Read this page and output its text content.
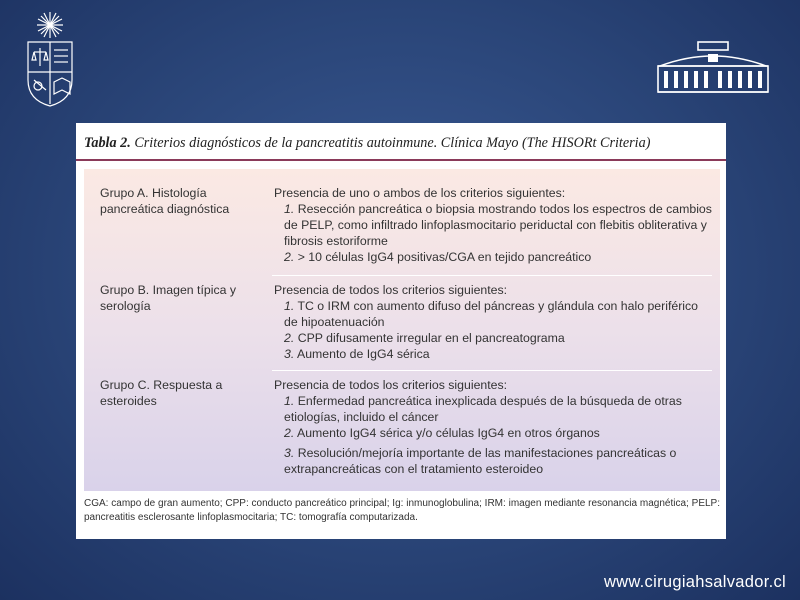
Tabla 2. Criterios diagnósticos de la pancreatitis autoinmune. Clínica Mayo (The HISORt Criteria)
Grupo A. Histología pancreática diagnóstica

Presencia de uno o ambos de los criterios siguientes:

1. Resección pancreática o biopsia mostrando todos los espectros de cambios de PELP, como infiltrado linfoplasmocitario periductal con flebitis obliterativa y fibrosis estoriforme

2. > 10 células IgG4 positivas/CGA en tejido pancreático

Grupo B. Imagen típica y serología

Presencia de todos los criterios siguientes:

1. TC o IRM con aumento difuso del páncreas y glándula con halo periférico de hipoatenuación

2. CPP difusamente irregular en el pancreatograma

3. Aumento de IgG4 sérica

Grupo C. Respuesta a esteroides

Presencia de todos los criterios siguientes:

1. Enfermedad pancreática inexplicada después de la búsqueda de otras etiologías, incluido el cáncer

2. Aumento IgG4 sérica y/o células IgG4 en otros órganos

3. Resolución/mejoría importante de las manifestaciones pancreáticas o extrapancreáticas con el tratamiento esteroideo

CGA: campo de gran aumento; CPP: conducto pancreático principal; Ig: inmunoglobulina; IRM: imagen mediante resonancia magnética; PELP: pancreatitis esclerosante linfoplasmocitaria; TC: tomografía computarizada.
www.cirugiahsalvador.cl
